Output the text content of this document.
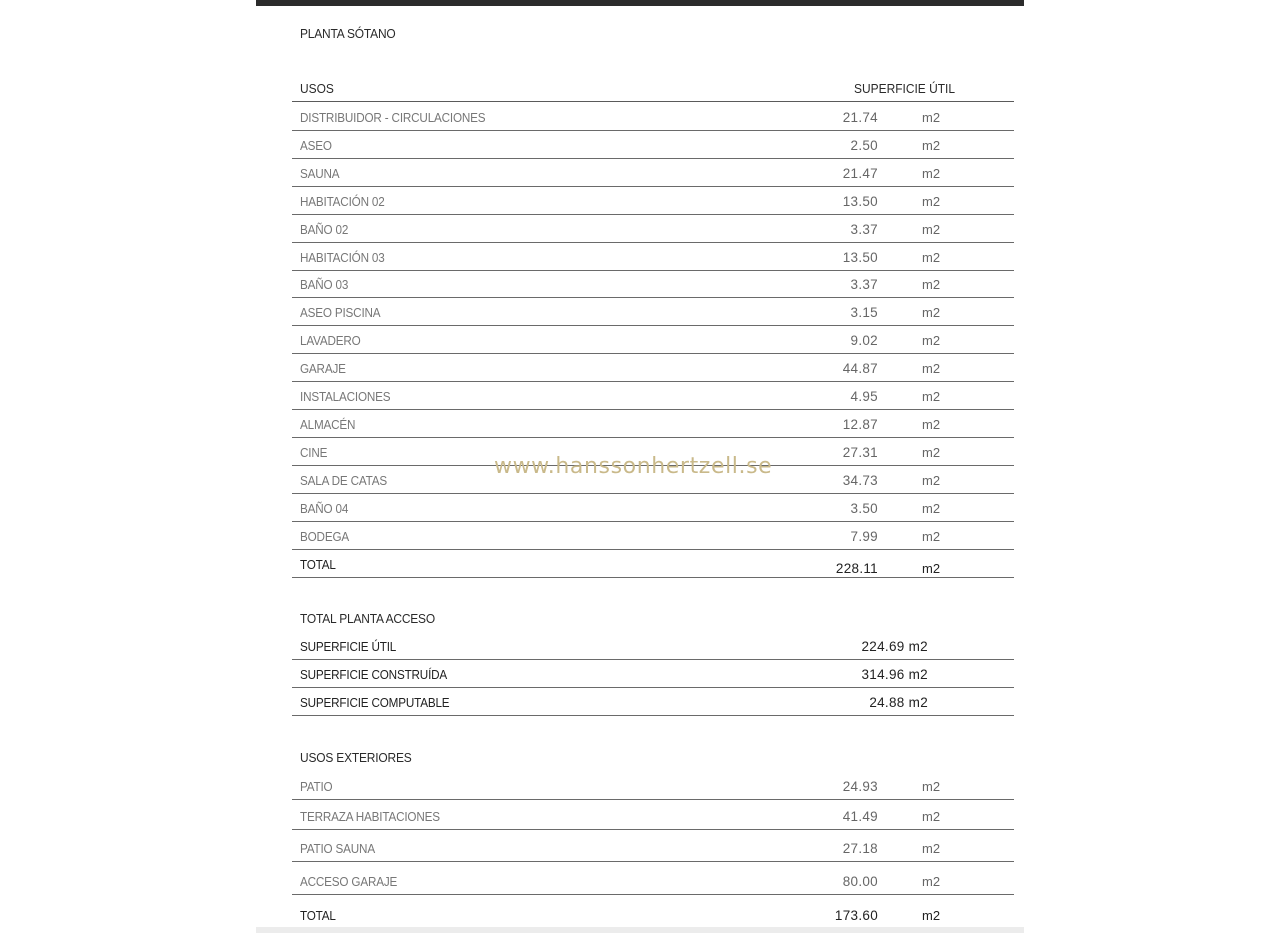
PLANTA SÓTANO
USOS	SUPERFICIE ÚTIL
DISTRIBUIDOR - CIRCULACIONES	21.74	m2
ASEO	2.50	m2
SAUNA	21.47	m2
HABITACIÓN 02	13.50	m2
BAÑO 02	3.37	m2
HABITACIÓN 03	13.50	m2
BAÑO 03	3.37	m2
ASEO PISCINA	3.15	m2
LAVADERO	9.02	m2
GARAJE	44.87	m2
INSTALACIONES	4.95	m2
ALMACÉN	12.87	m2
CINE	27.31	m2
SALA DE CATAS	34.73	m2
BAÑO 04	3.50	m2
BODEGA	7.99	m2
TOTAL	228.11	m2
TOTAL PLANTA ACCESO
SUPERFICIE ÚTIL	224.69 m2
SUPERFICIE CONSTRUÍDA	314.96 m2
SUPERFICIE COMPUTABLE	24.88 m2
USOS EXTERIORES
PATIO	24.93	m2
TERRAZA HABITACIONES	41.49	m2
PATIO SAUNA	27.18	m2
ACCESO GARAJE	80.00	m2
TOTAL	173.60	m2
www.hanssonhertzell.se
